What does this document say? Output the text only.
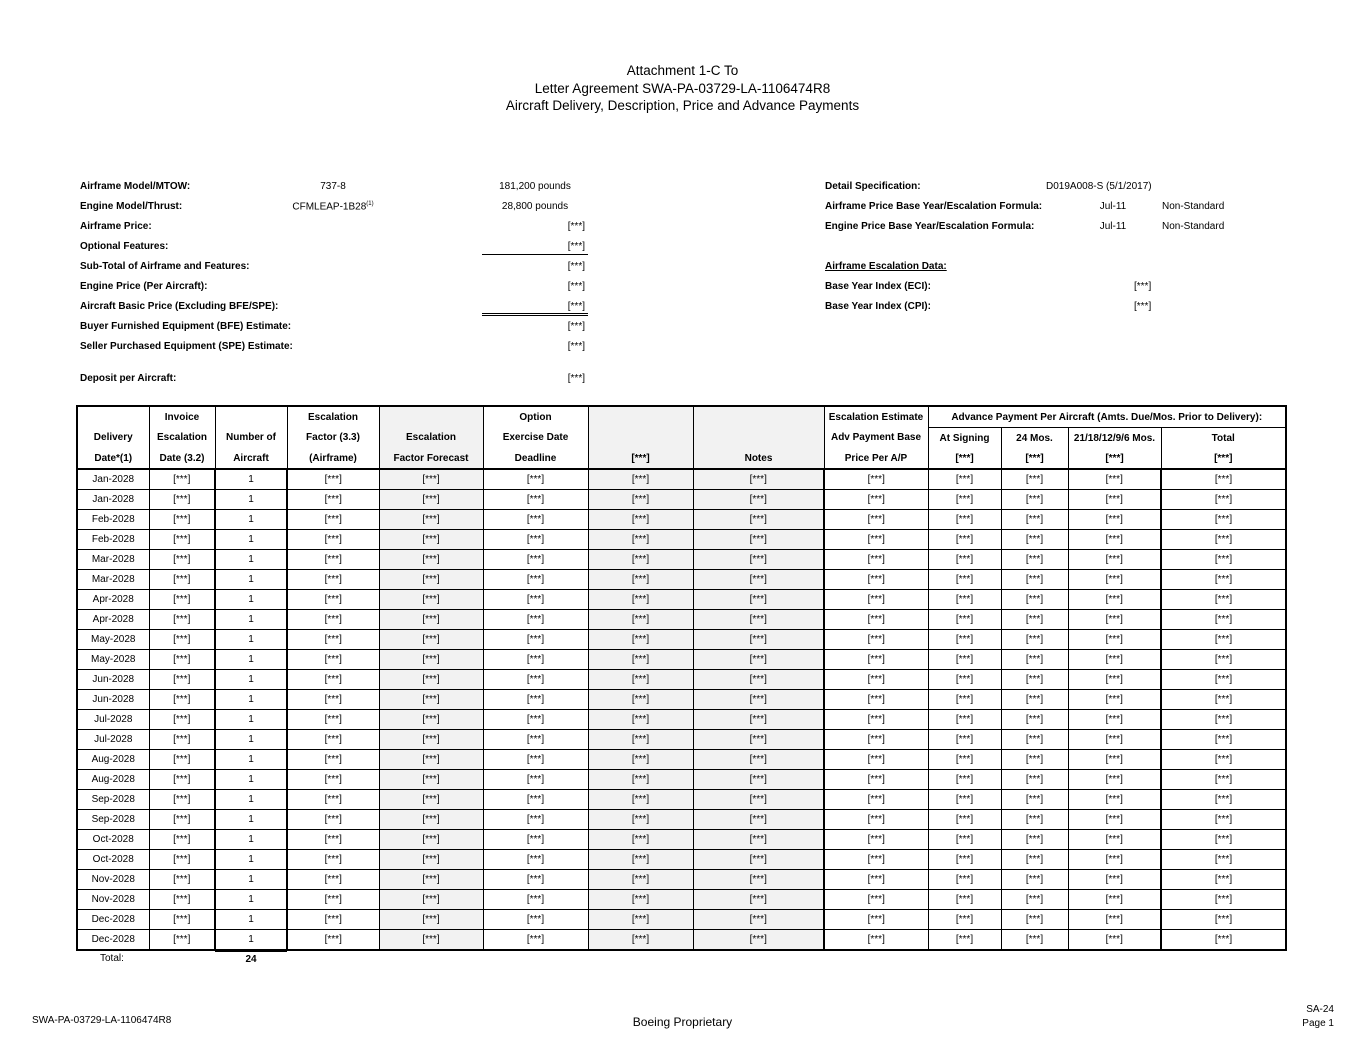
Attachment 1-C To
Letter Agreement SWA-PA-03729-LA-1106474R8
Aircraft Delivery, Description, Price and Advance Payments
Airframe Model/MTOW:	737-8	181,200 pounds
Engine Model/Thrust:	CFMLEAP-1B28$^{(1)}$	28,800 pounds
Airframe Price:	[***]
Optional Features:	[***]
Sub-Total of Airframe and Features:	[***]
Engine Price (Per Aircraft):	[***]
Aircraft Basic Price (Excluding BFE/SPE):	[***]
Buyer Furnished Equipment (BFE) Estimate:	[***]
Seller Purchased Equipment (SPE) Estimate:	[***]
Deposit per Aircraft:	[***]
Detail Specification:	D019A008-S (5/1/2017)
Airframe Price Base Year/Escalation Formula:	Jul-11	Non-Standard
Engine Price Base Year/Escalation Formula:	Jul-11	Non-Standard
Airframe Escalation Data:
Base Year Index (ECI):	[***]
Base Year Index (CPI):	[***]
	Invoice		Escalation		Option			Escalation Estimate	Advance Payment Per Aircraft (Amts. Due/Mos. Prior to Delivery):			
Delivery	Escalation	Number of	Factor (3.3)	Escalation	Exercise Date			Adv Payment Base	At Signing	24 Mos.	21/18/12/9/6 Mos.	Total
Date*(1)	Date (3.2)	Aircraft	(Airframe)	Factor Forecast	Deadline	[***]	Notes	Price Per A/P	[***]	[***]	[***]	[***]
Jan-2028	[***]	1	[***]	[***]	[***]	[***]	[***]	[***]	[***]	[***]	[***]	[***]
Jan-2028	[***]	1	[***]	[***]	[***]	[***]	[***]	[***]	[***]	[***]	[***]	[***]
Feb-2028	[***]	1	[***]	[***]	[***]	[***]	[***]	[***]	[***]	[***]	[***]	[***]
Feb-2028	[***]	1	[***]	[***]	[***]	[***]	[***]	[***]	[***]	[***]	[***]	[***]
Mar-2028	[***]	1	[***]	[***]	[***]	[***]	[***]	[***]	[***]	[***]	[***]	[***]
Mar-2028	[***]	1	[***]	[***]	[***]	[***]	[***]	[***]	[***]	[***]	[***]	[***]
Apr-2028	[***]	1	[***]	[***]	[***]	[***]	[***]	[***]	[***]	[***]	[***]	[***]
Apr-2028	[***]	1	[***]	[***]	[***]	[***]	[***]	[***]	[***]	[***]	[***]	[***]
May-2028	[***]	1	[***]	[***]	[***]	[***]	[***]	[***]	[***]	[***]	[***]	[***]
May-2028	[***]	1	[***]	[***]	[***]	[***]	[***]	[***]	[***]	[***]	[***]	[***]
Jun-2028	[***]	1	[***]	[***]	[***]	[***]	[***]	[***]	[***]	[***]	[***]	[***]
Jun-2028	[***]	1	[***]	[***]	[***]	[***]	[***]	[***]	[***]	[***]	[***]	[***]
Jul-2028	[***]	1	[***]	[***]	[***]	[***]	[***]	[***]	[***]	[***]	[***]	[***]
Jul-2028	[***]	1	[***]	[***]	[***]	[***]	[***]	[***]	[***]	[***]	[***]	[***]
Aug-2028	[***]	1	[***]	[***]	[***]	[***]	[***]	[***]	[***]	[***]	[***]	[***]
Aug-2028	[***]	1	[***]	[***]	[***]	[***]	[***]	[***]	[***]	[***]	[***]	[***]
Sep-2028	[***]	1	[***]	[***]	[***]	[***]	[***]	[***]	[***]	[***]	[***]	[***]
Sep-2028	[***]	1	[***]	[***]	[***]	[***]	[***]	[***]	[***]	[***]	[***]	[***]
Oct-2028	[***]	1	[***]	[***]	[***]	[***]	[***]	[***]	[***]	[***]	[***]	[***]
Oct-2028	[***]	1	[***]	[***]	[***]	[***]	[***]	[***]	[***]	[***]	[***]	[***]
Nov-2028	[***]	1	[***]	[***]	[***]	[***]	[***]	[***]	[***]	[***]	[***]	[***]
Nov-2028	[***]	1	[***]	[***]	[***]	[***]	[***]	[***]	[***]	[***]	[***]	[***]
Dec-2028	[***]	1	[***]	[***]	[***]	[***]	[***]	[***]	[***]	[***]	[***]	[***]
Dec-2028	[***]	1	[***]	[***]	[***]	[***]	[***]	[***]	[***]	[***]	[***]	[***]
Total:	24
SWA-PA-03729-LA-1106474R8	Boeing Proprietary
SA-24
Page 1
